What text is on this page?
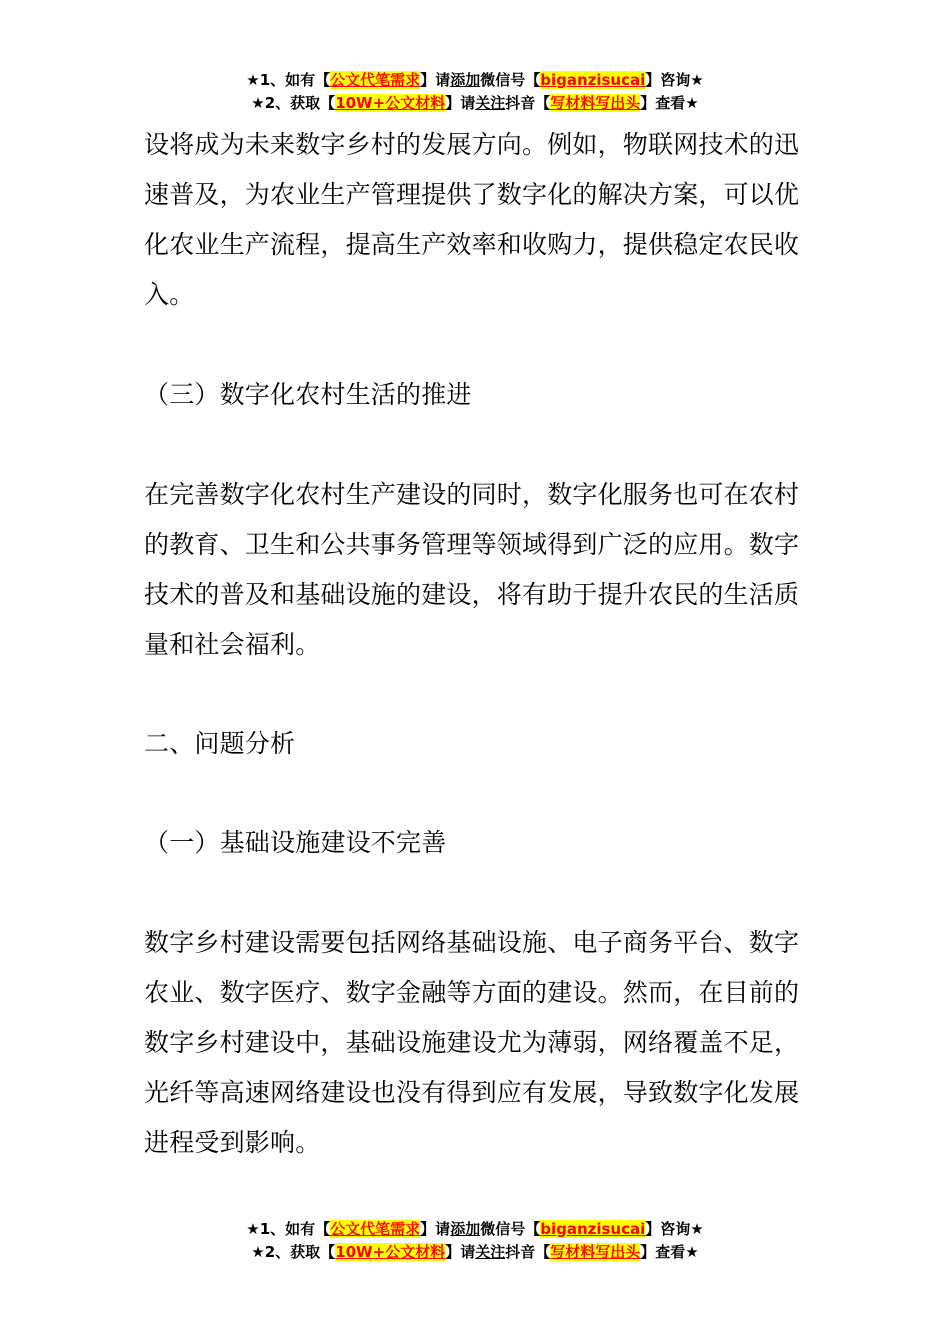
★1、如有【公文代笔需求】请添加微信号【biganzisucai】咨询★
★2、获取【10W+公文材料】请关注抖音【写材料写出头】查看★

设将成为未来数字乡村的发展方向。例如，物联网技术的迅速普及，为农业生产管理提供了数字化的解决方案，可以优化农业生产流程，提高生产效率和收购力，提供稳定农民收入。

（三）数字化农村生活的推进

在完善数字化农村生产建设的同时，数字化服务也可在农村的教育、卫生和公共事务管理等领域得到广泛的应用。数字技术的普及和基础设施的建设，将有助于提升农民的生活质量和社会福利。

二、问题分析

（一）基础设施建设不完善

数字乡村建设需要包括网络基础设施、电子商务平台、数字农业、数字医疗、数字金融等方面的建设。然而，在目前的数字乡村建设中，基础设施建设尤为薄弱，网络覆盖不足，光纤等高速网络建设也没有得到应有发展，导致数字化发展进程受到影响。

★1、如有【公文代笔需求】请添加微信号【biganzisucai】咨询★
★2、获取【10W+公文材料】请关注抖音【写材料写出头】查看★
